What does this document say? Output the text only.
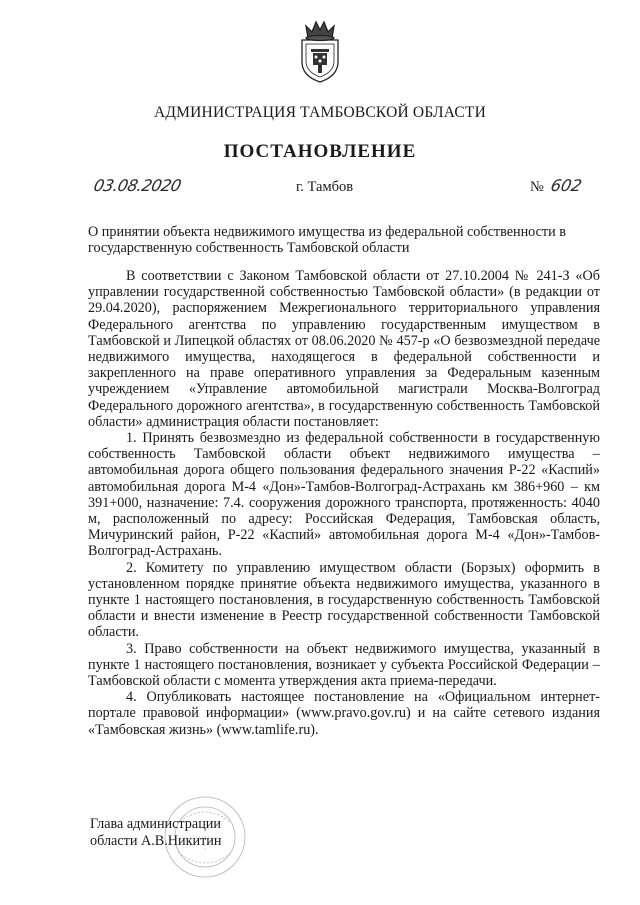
АДМИНИСТРАЦИЯ ТАМБОВСКОЙ ОБЛАСТИ
ПОСТАНОВЛЕНИЕ
03.08.2020	г. Тамбов	№ 602
О принятии объекта недвижимого имущества из федеральной собственности в государственную собственность Тамбовской области

В соответствии с Законом Тамбовской области от 27.10.2004 № 241-З «Об управлении государственной собственностью Тамбовской области» (в редакции от 29.04.2020), распоряжением Межрегионального территориального управления Федерального агентства по управлению государственным имуществом в Тамбовской и Липецкой областях от 08.06.2020 № 457-р «О безвозмездной передаче недвижимого имущества, находящегося в федеральной собственности и закрепленного на праве оперативного управления за Федеральным казенным учреждением «Управление автомобильной магистрали Москва-Волгоград Федерального дорожного агентства», в государственную собственность Тамбовской области» администрация области постановляет:

1. Принять безвозмездно из федеральной собственности в государственную собственность Тамбовской области объект недвижимого имущества – автомобильная дорога общего пользования федерального значения Р-22 «Каспий» автомобильная дорога М-4 «Дон»-Тамбов-Волгоград-Астрахань км 386+960 – км 391+000, назначение: 7.4. сооружения дорожного транспорта, протяженность: 4040 м, расположенный по адресу: Российская Федерация, Тамбовская область, Мичуринский район, Р-22 «Каспий» автомобильная дорога М-4 «Дон»-Тамбов-Волгоград-Астрахань.

2. Комитету по управлению имуществом области (Борзых) оформить в установленном порядке принятие объекта недвижимого имущества, указанного в пункте 1 настоящего постановления, в государственную собственность Тамбовской области и внести изменение в Реестр государственной собственности Тамбовской области.

3. Право собственности на объект недвижимого имущества, указанный в пункте 1 настоящего постановления, возникает у субъекта Российской Федерации – Тамбовской области с момента утверждения акта приема-передачи.

4. Опубликовать настоящее постановление на «Официальном интернет-портале правовой информации» (www.pravo.gov.ru) и на сайте сетевого издания «Тамбовская жизнь» (www.tamlife.ru).

Глава администрации
области А.В.Никитин
